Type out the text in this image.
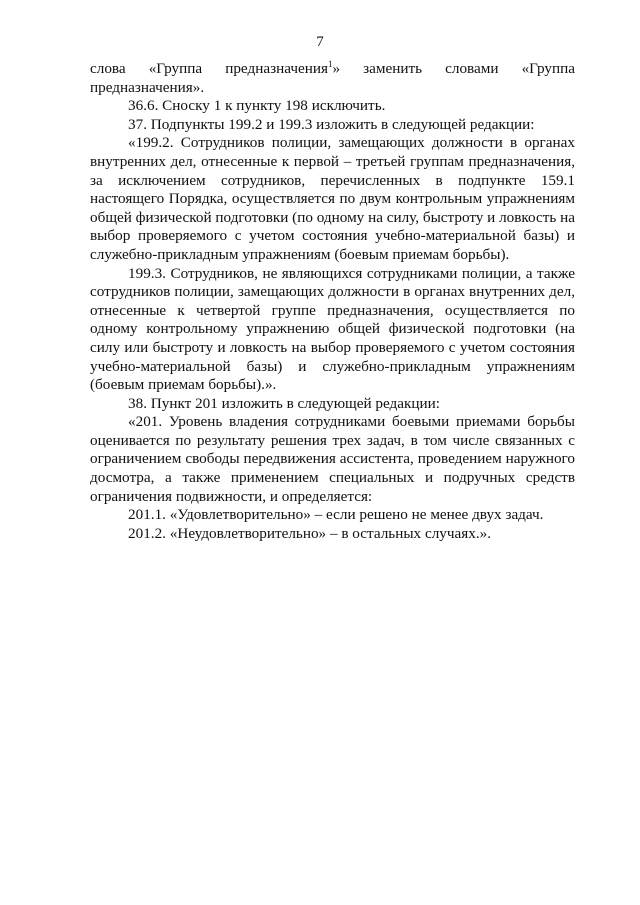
7

слова «Группа предназначения$^1$» заменить словами «Группа предназначения».

36.6. Сноску 1 к пункту 198 исключить.

37. Подпункты 199.2 и 199.3 изложить в следующей редакции:

«199.2. Сотрудников полиции, замещающих должности в органах внутренних дел, отнесенные к первой – третьей группам предназначения, за исключением сотрудников, перечисленных в подпункте 159.1 настоящего Порядка, осуществляется по двум контрольным упражнениям общей физической подготовки (по одному на силу, быстроту и ловкость на выбор проверяемого с учетом состояния учебно-материальной базы) и служебно-прикладным упражнениям (боевым приемам борьбы).

199.3. Сотрудников, не являющихся сотрудниками полиции, а также сотрудников полиции, замещающих должности в органах внутренних дел, отнесенные к четвертой группе предназначения, осуществляется по одному контрольному упражнению общей физической подготовки (на силу или быстроту и ловкость на выбор проверяемого с учетом состояния учебно-материальной базы) и служебно-прикладным упражнениям (боевым приемам борьбы).».

38. Пункт 201 изложить в следующей редакции:

«201. Уровень владения сотрудниками боевыми приемами борьбы оценивается по результату решения трех задач, в том числе связанных с ограничением свободы передвижения ассистента, проведением наружного досмотра, а также применением специальных и подручных средств ограничения подвижности, и определяется:

201.1. «Удовлетворительно» – если решено не менее двух задач.

201.2. «Неудовлетворительно» – в остальных случаях.».
